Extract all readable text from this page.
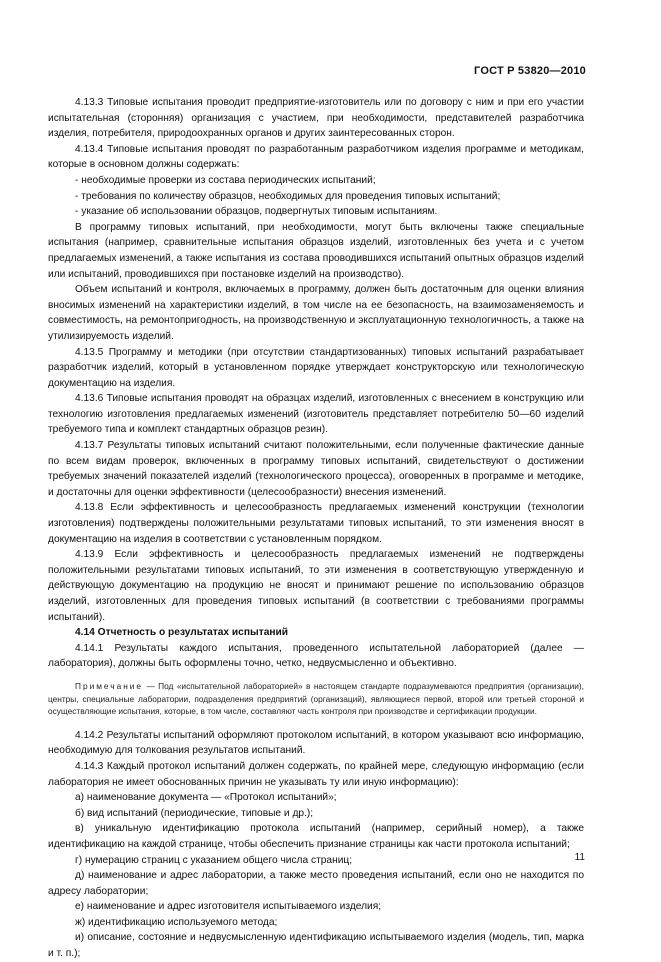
ГОСТ Р 53820—2010

4.13.3 Типовые испытания проводит предприятие-изготовитель или по договору с ним и при его участии испытательная (сторонняя) организация с участием, при необходимости, представителей разработчика изделия, потребителя, природоохранных органов и других заинтересованных сторон.

4.13.4 Типовые испытания проводят по разработанным разработчиком изделия программе и методикам, которые в основном должны содержать:

- необходимые проверки из состава периодических испытаний;

- требования по количеству образцов, необходимых для проведения типовых испытаний;

- указание об использовании образцов, подвергнутых типовым испытаниям.

В программу типовых испытаний, при необходимости, могут быть включены также специальные испытания (например, сравнительные испытания образцов изделий, изготовленных без учета и с учетом предлагаемых изменений, а также испытания из состава проводившихся испытаний опытных образцов изделий или испытаний, проводившихся при постановке изделий на производство).

Объем испытаний и контроля, включаемых в программу, должен быть достаточным для оценки влияния вносимых изменений на характеристики изделий, в том числе на ее безопасность, на взаимозаменяемость и совместимость, на ремонтопригодность, на производственную и эксплуатационную технологичность, а также на утилизируемость изделий.

4.13.5 Программу и методики (при отсутствии стандартизованных) типовых испытаний разрабатывает разработчик изделий, который в установленном порядке утверждает конструкторскую или технологическую документацию на изделия.

4.13.6 Типовые испытания проводят на образцах изделий, изготовленных с внесением в конструкцию или технологию изготовления предлагаемых изменений (изготовитель представляет потребителю 50—60 изделий требуемого типа и комплект стандартных образцов резин).

4.13.7 Результаты типовых испытаний считают положительными, если полученные фактические данные по всем видам проверок, включенных в программу типовых испытаний, свидетельствуют о достижении требуемых значений показателей изделий (технологического процесса), оговоренных в программе и методике, и достаточны для оценки эффективности (целесообразности) внесения изменений.

4.13.8 Если эффективность и целесообразность предлагаемых изменений конструкции (технологии изготовления) подтверждены положительными результатами типовых испытаний, то эти изменения вносят в документацию на изделия в соответствии с установленным порядком.

4.13.9 Если эффективность и целесообразность предлагаемых изменений не подтверждены положительными результатами типовых испытаний, то эти изменения в соответствующую утвержденную и действующую документацию на продукцию не вносят и принимают решение по использованию образцов изделий, изготовленных для проведения типовых испытаний (в соответствии с требованиями программы испытаний).

4.14 Отчетность о результатах испытаний

4.14.1 Результаты каждого испытания, проведенного испытательной лабораторией (далее — лаборатория), должны быть оформлены точно, четко, недвусмысленно и объективно.

Примечание — Под «испытательной лабораторией» в настоящем стандарте подразумеваются предприятия (организации), центры, специальные лаборатории, подразделения предприятий (организаций), являющиеся первой, второй или третьей стороной и осуществляющие испытания, которые, в том числе, составляют часть контроля при производстве и сертификации продукции.

4.14.2 Результаты испытаний оформляют протоколом испытаний, в котором указывают всю информацию, необходимую для толкования результатов испытаний.

4.14.3 Каждый протокол испытаний должен содержать, по крайней мере, следующую информацию (если лаборатория не имеет обоснованных причин не указывать ту или иную информацию):

а) наименование документа — «Протокол испытаний»;

б) вид испытаний (периодические, типовые и др.);

в) уникальную идентификацию протокола испытаний (например, серийный номер), а также идентификацию на каждой странице, чтобы обеспечить признание страницы как части протокола испытаний;

г) нумерацию страниц с указанием общего числа страниц;

д) наименование и адрес лаборатории, а также место проведения испытаний, если оно не находится по адресу лаборатории;

е) наименование и адрес изготовителя испытываемого изделия;

ж) идентификацию используемого метода;

и) описание, состояние и недвусмысленную идентификацию испытываемого изделия (модель, тип, марка и т. п.);

11
